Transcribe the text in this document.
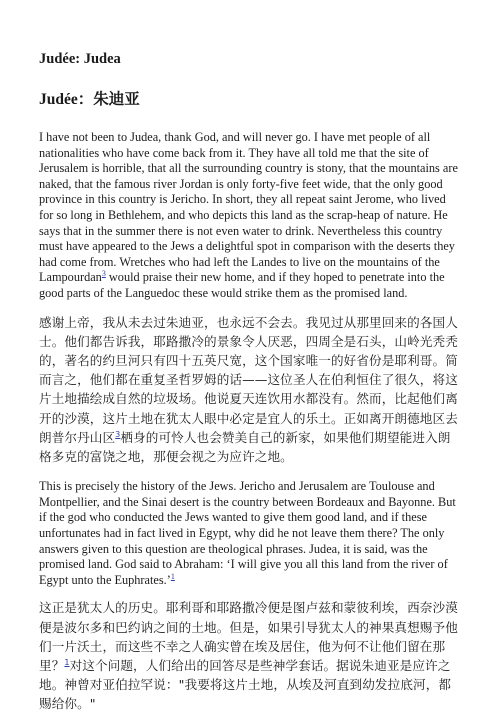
Judée: Judea
Judée：朱迪亚

I have not been to Judea, thank God, and will never go. I have met people of all nationalities who have come back from it. They have all told me that the site of Jerusalem is horrible, that all the surrounding country is stony, that the mountains are naked, that the famous river Jordan is only forty-five feet wide, that the only good province in this country is Jericho. In short, they all repeat saint Jerome, who lived for so long in Bethlehem, and who depicts this land as the scrap-heap of nature. He says that in the summer there is not even water to drink. Nevertheless this country must have appeared to the Jews a delightful spot in comparison with the deserts they had come from. Wretches who had left the Landes to live on the mountains of the Lampourdan$^3$ would praise their new home, and if they hoped to penetrate into the good parts of the Languedoc these would strike them as the promised land.

感谢上帝，我从未去过朱迪亚，也永远不会去。我见过从那里回来的各国人士。他们都告诉我，耶路撒冷的景象令人厌恶，四周全是石头，山岭光秃秃的，著名的约旦河只有四十五英尺宽，这个国家唯一的好省份是耶利哥。简而言之，他们都在重复圣哲罗姆的话——这位圣人在伯利恒住了很久，将这片土地描绘成自然的垃圾场。他说夏天连饮用水都没有。然而，比起他们离开的沙漠，这片土地在犹太人眼中必定是宜人的乐土。正如离开朗德地区去朗普尔丹山区$^3$栖身的可怜人也会赞美自己的新家，如果他们期望能进入朗格多克的富饶之地，那便会视之为应许之地。

This is precisely the history of the Jews. Jericho and Jerusalem are Toulouse and Montpellier, and the Sinai desert is the country between Bordeaux and Bayonne. But if the god who conducted the Jews wanted to give them good land, and if these unfortunates had in fact lived in Egypt, why did he not leave them there? The only answers given to this question are theological phrases. Judea, it is said, was the promised land. God said to Abraham: ‘I will give you all this land from the river of Egypt unto the Euphrates.’$^1$

这正是犹太人的历史。耶利哥和耶路撒冷便是图卢兹和蒙彼利埃，西奈沙漠便是波尔多和巴约讷之间的土地。但是，如果引导犹太人的神果真想赐予他们一片沃土，而这些不幸之人确实曾在埃及居住，他为何不让他们留在那里？$^1$对这个问题，人们给出的回答尽是些神学套话。据说朱迪亚是应许之地。神曾对亚伯拉罕说："我要将这片土地，从埃及河直到幼发拉底河，都赐给你。"
